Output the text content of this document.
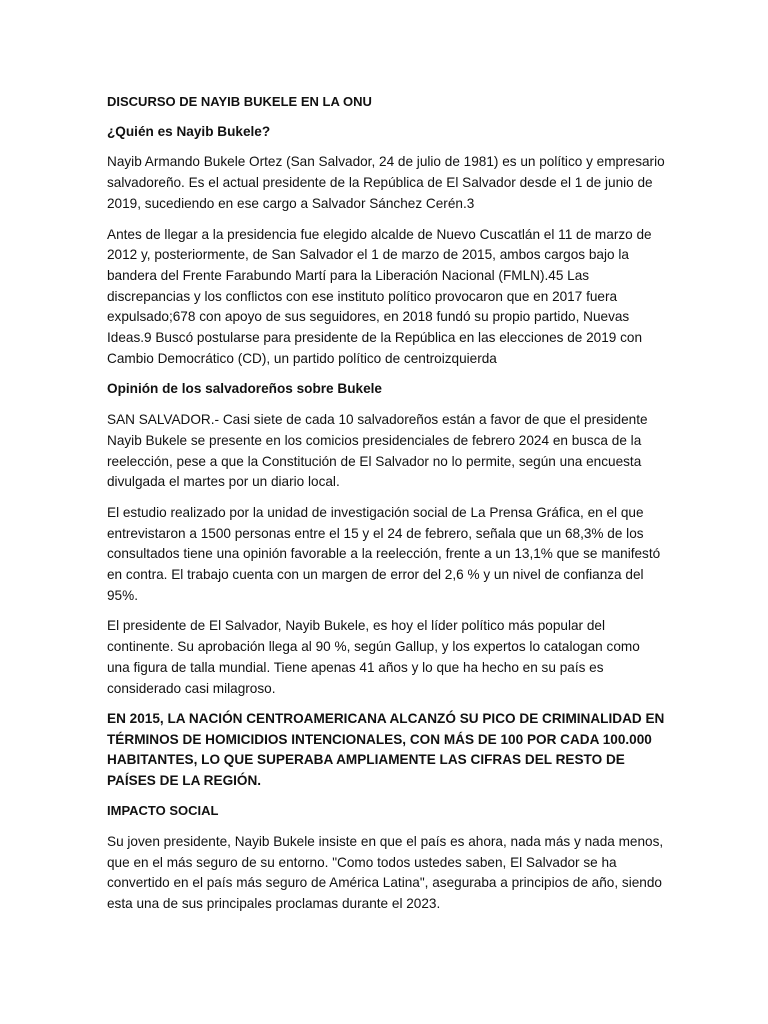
DISCURSO DE NAYIB BUKELE EN LA ONU

¿Quién es Nayib Bukele?

Nayib Armando Bukele Ortez (San Salvador, 24 de julio de 1981) es un político y empresario salvadoreño. Es el actual presidente de la República de El Salvador desde el 1 de junio de 2019, sucediendo en ese cargo a Salvador Sánchez Cerén.3

Antes de llegar a la presidencia fue elegido alcalde de Nuevo Cuscatlán el 11 de marzo de 2012 y, posteriormente, de San Salvador el 1 de marzo de 2015, ambos cargos bajo la bandera del Frente Farabundo Martí para la Liberación Nacional (FMLN).45 Las discrepancias y los conflictos con ese instituto político provocaron que en 2017 fuera expulsado;678 con apoyo de sus seguidores, en 2018 fundó su propio partido, Nuevas Ideas.9 Buscó postularse para presidente de la República en las elecciones de 2019 con Cambio Democrático (CD), un partido político de centroizquierda

Opinión de los salvadoreños sobre Bukele

SAN SALVADOR.- Casi siete de cada 10 salvadoreños están a favor de que el presidente Nayib Bukele se presente en los comicios presidenciales de febrero 2024 en busca de la reelección, pese a que la Constitución de El Salvador no lo permite, según una encuesta divulgada el martes por un diario local.

El estudio realizado por la unidad de investigación social de La Prensa Gráfica, en el que entrevistaron a 1500 personas entre el 15 y el 24 de febrero, señala que un 68,3% de los consultados tiene una opinión favorable a la reelección, frente a un 13,1% que se manifestó en contra. El trabajo cuenta con un margen de error del 2,6 % y un nivel de confianza del 95%.

El presidente de El Salvador, Nayib Bukele, es hoy el líder político más popular del continente. Su aprobación llega al 90 %, según Gallup, y los expertos lo catalogan como una figura de talla mundial. Tiene apenas 41 años y lo que ha hecho en su país es considerado casi milagroso.

EN 2015, LA NACIÓN CENTROAMERICANA ALCANZÓ SU PICO DE CRIMINALIDAD EN TÉRMINOS DE HOMICIDIOS INTENCIONALES, CON MÁS DE 100 POR CADA 100.000 HABITANTES, LO QUE SUPERABA AMPLIAMENTE LAS CIFRAS DEL RESTO DE PAÍSES DE LA REGIÓN.

IMPACTO SOCIAL

Su joven presidente, Nayib Bukele insiste en que el país es ahora, nada más y nada menos, que en el más seguro de su entorno. "Como todos ustedes saben, El Salvador se ha convertido en el país más seguro de América Latina", aseguraba a principios de año, siendo esta una de sus principales proclamas durante el 2023.
